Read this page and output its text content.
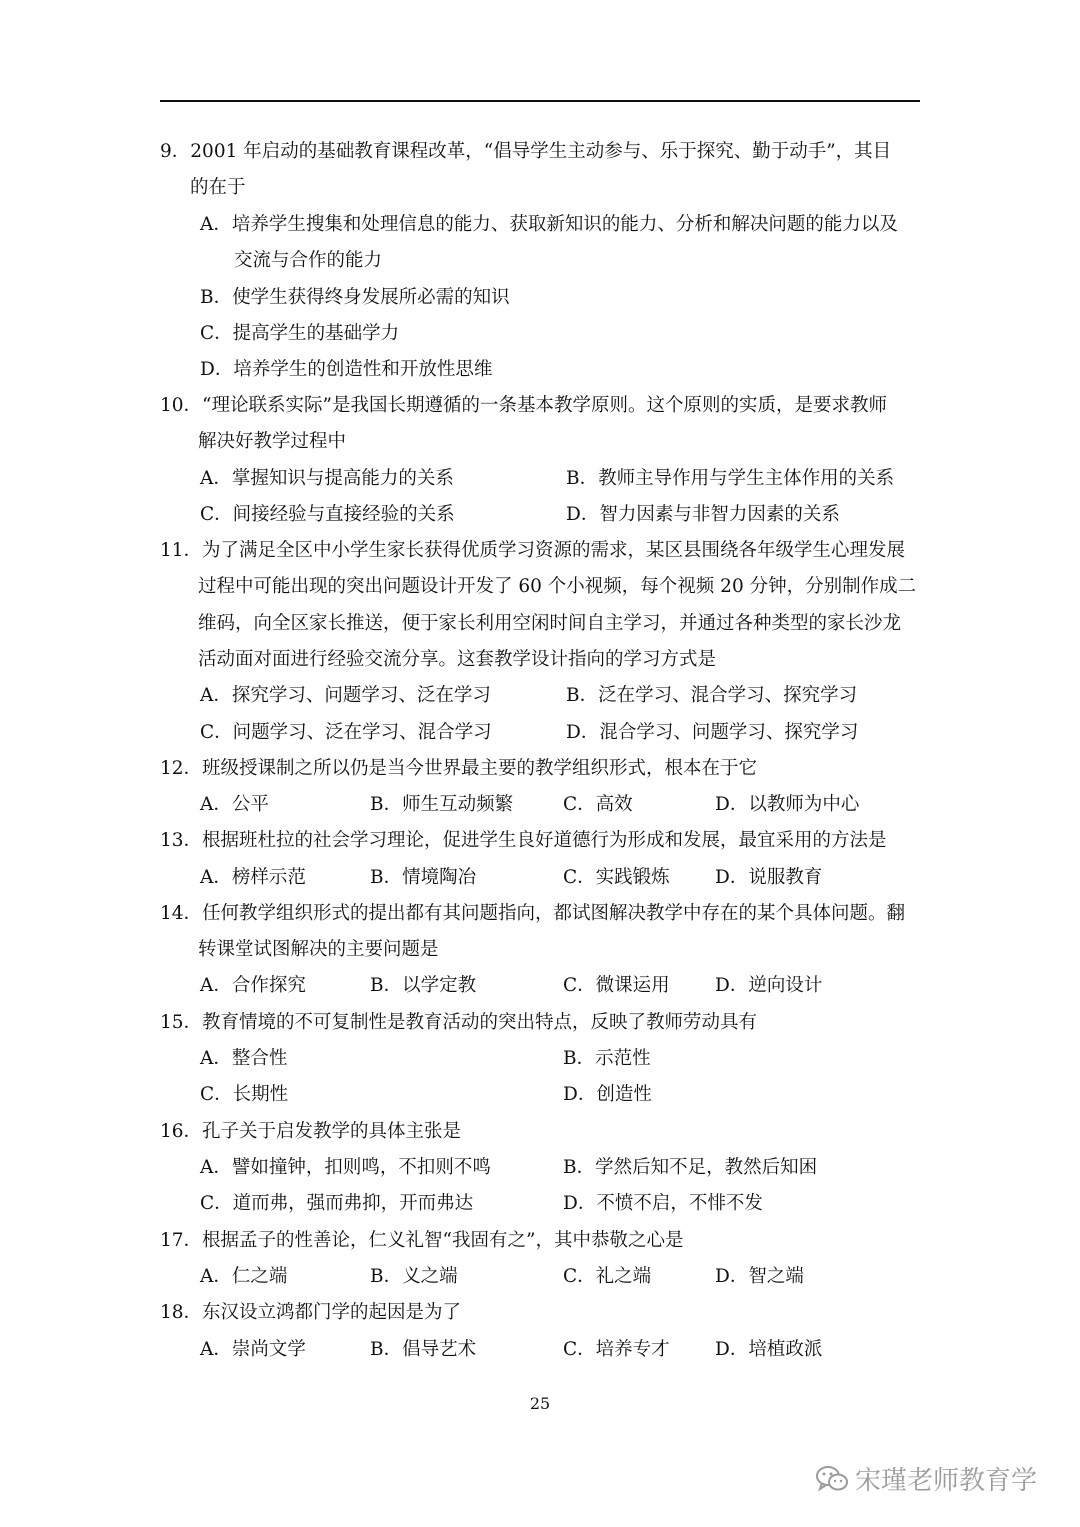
9．2001 年启动的基础教育课程改革，“倡导学生主动参与、乐于探究、勤于动手”，其目
的在于
A．培养学生搜集和处理信息的能力、获取新知识的能力、分析和解决问题的能力以及
交流与合作的能力
B．使学生获得终身发展所必需的知识
C．提高学生的基础学力
D．培养学生的创造性和开放性思维
10．“理论联系实际”是我国长期遵循的一条基本教学原则。这个原则的实质，是要求教师
解决好教学过程中
A．掌握知识与提高能力的关系	B．教师主导作用与学生主体作用的关系
C．间接经验与直接经验的关系	D．智力因素与非智力因素的关系
11．为了满足全区中小学生家长获得优质学习资源的需求，某区县围绕各年级学生心理发展
过程中可能出现的突出问题设计开发了 60 个小视频，每个视频 20 分钟，分别制作成二
维码，向全区家长推送，便于家长利用空闲时间自主学习，并通过各种类型的家长沙龙
活动面对面进行经验交流分享。这套教学设计指向的学习方式是
A．探究学习、问题学习、泛在学习	B．泛在学习、混合学习、探究学习
C．问题学习、泛在学习、混合学习	D．混合学习、问题学习、探究学习
12．班级授课制之所以仍是当今世界最主要的教学组织形式，根本在于它
A．公平	B．师生互动频繁	C．高效	D．以教师为中心
13．根据班杜拉的社会学习理论，促进学生良好道德行为形成和发展，最宜采用的方法是
A．榜样示范	B．情境陶冶	C．实践锻炼 D．说服教育
14．任何教学组织形式的提出都有其问题指向，都试图解决教学中存在的某个具体问题。翻
转课堂试图解决的主要问题是
A．合作探究	B．以学定教	C．微课运用 D．逆向设计
15．教育情境的不可复制性是教育活动的突出特点，反映了教师劳动具有
A．整合性	B．示范性
C．长期性	D．创造性
16．孔子关于启发教学的具体主张是
A．譬如撞钟，扣则鸣，不扣则不鸣	B．学然后知不足，教然后知困
C．道而弗，强而弗抑，开而弗达	D．不愤不启，不悱不发
17．根据孟子的性善论，仁义礼智“我固有之”，其中恭敬之心是
A．仁之端	B．义之端	C．礼之端	D．智之端
18．东汉设立鸿都门学的起因是为了
A．崇尚文学	B．倡导艺术	C．培养专才 D．培植政派
25
宋瑾老师教育学
